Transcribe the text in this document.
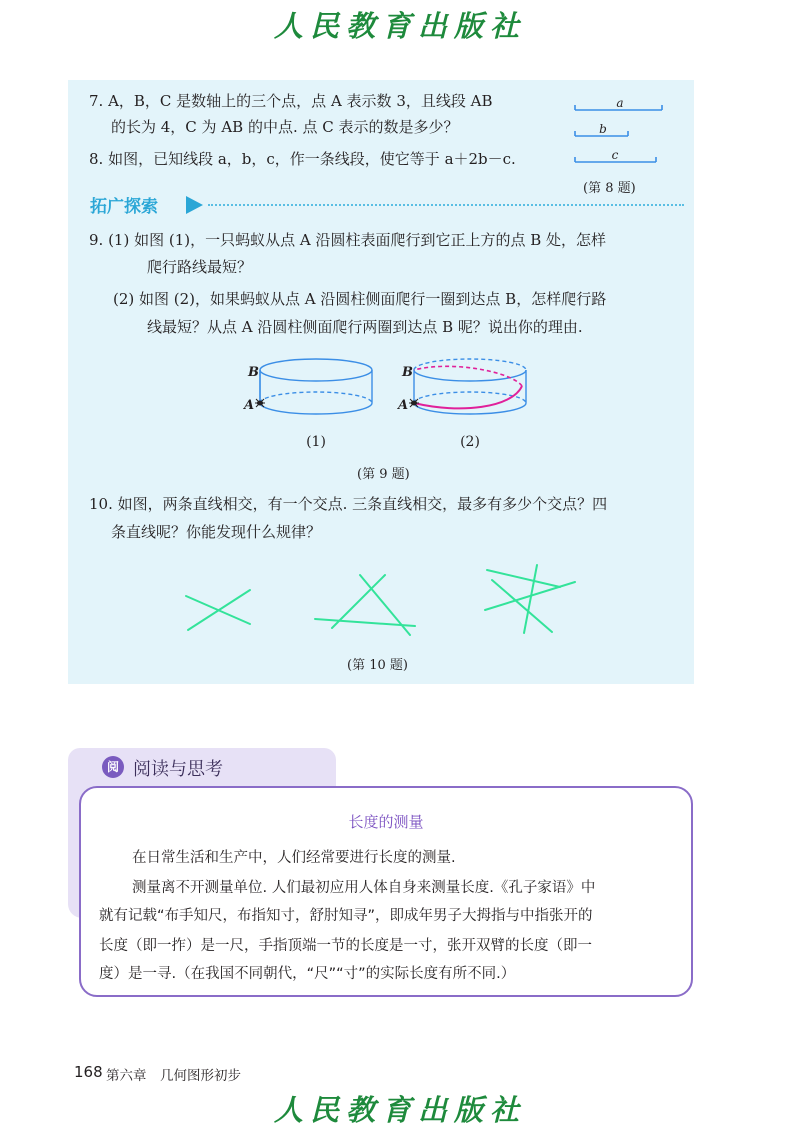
人民教育出版社
7. A，B，C 是数轴上的三个点，点 A 表示数 3，且线段 AB
的长为 4，C 为 AB 的中点. 点 C 表示的数是多少？
8. 如图，已知线段 a，b，c，作一条线段，使它等于 a＋2b－c.
a
b
c
(第 8 题)
拓广探索
9. (1) 如图 (1)，一只蚂蚁从点 A 沿圆柱表面爬行到它正上方的点 B 处，怎样
爬行路线最短？
(2) 如图 (2)，如果蚂蚁从点 A 沿圆柱侧面爬行一圈到达点 B，怎样爬行路
线最短？从点 A 沿圆柱侧面爬行两圈到达点 B 呢？说出你的理由.
B
A
B
A
(1)	(2)
(第 9 题)
10. 如图，两条直线相交，有一个交点. 三条直线相交，最多有多少个交点？四
条直线呢？你能发现什么规律？
(第 10 题)
阅 阅读与思考
长度的测量
在日常生活和生产中，人们经常要进行长度的测量.
测量离不开测量单位. 人们最初应用人体自身来测量长度.《孔子家语》中
就有记载“布手知尺，布指知寸，舒肘知寻”，即成年男子大拇指与中指张开的
长度（即一拃）是一尺，手指顶端一节的长度是一寸，张开双臂的长度（即一
度）是一寻.（在我国不同朝代，“尺”“寸”的实际长度有所不同.）
168 第六章　几何图形初步
人民教育出版社
